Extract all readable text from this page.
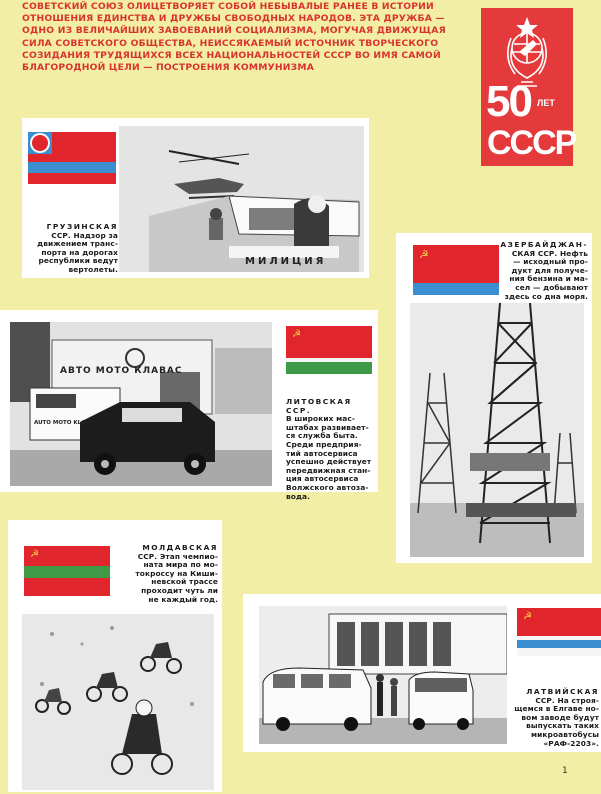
СОВЕТСКИЙ СОЮЗ ОЛИЦЕТВОРЯЕТ СОБОЙ НЕБЫВАЛЫЕ РАНЕЕ В ИСТОРИИ ОТНОШЕНИЯ ЕДИНСТВА И ДРУЖБЫ СВОБОДНЫХ НАРОДОВ. ЭТА ДРУЖБА — ОДНО ИЗ ВЕЛИЧАЙШИХ ЗАВОЕВАНИЙ СОЦИАЛИЗМА, МОГУЧАЯ ДВИЖУЩАЯ СИЛА СОВЕТСКОГО ОБЩЕСТВА, НЕИССЯКАЕМЫЙ ИСТОЧНИК ТВОРЧЕСКОГО СОЗИДАНИЯ ТРУДЯЩИХСЯ ВСЕХ НАЦИОНАЛЬНОСТЕЙ СССР ВО ИМЯ САМОЙ БЛАГОРОДНОЙ ЦЕЛИ — ПОСТРОЕНИЯ КОММУНИЗМА
50 ЛЕТ
СССР
МИЛИЦИЯ
ГРУЗИНСКАЯ
ССР. Надзор за
движением транс-
порта на дорогах
республики ведут
вертолеты.
☭
АЗЕРБАЙДЖАН-
СКАЯ ССР. Нефть
— исходный про-
дукт для получе-
ния бензина и ма-
сел — добывают
здесь со дна моря.
АВТО МОТО КЛАВАС
AUTO MOTO KLAVAS
☭
ЛИТОВСКАЯ ССР.
В широких мас-
штабах развивает-
ся служба быта.
Среди предприя-
тий автосервиса
успешно действует
передвижная стан-
ция автосервиса
Волжского автоза-
вода.
☭
МОЛДАВСКАЯ
ССР. Этап чемпио-
ната мира по мо-
токроссу на Киши-
невской трассе
проходит чуть ли
не каждый год.
☭
ЛАТВИЙСКАЯ
ССР. На строя-
щемся в Елгаве но-
вом заводе будут
выпускать таких
микроавтобусы
«РАФ-2203».
1
